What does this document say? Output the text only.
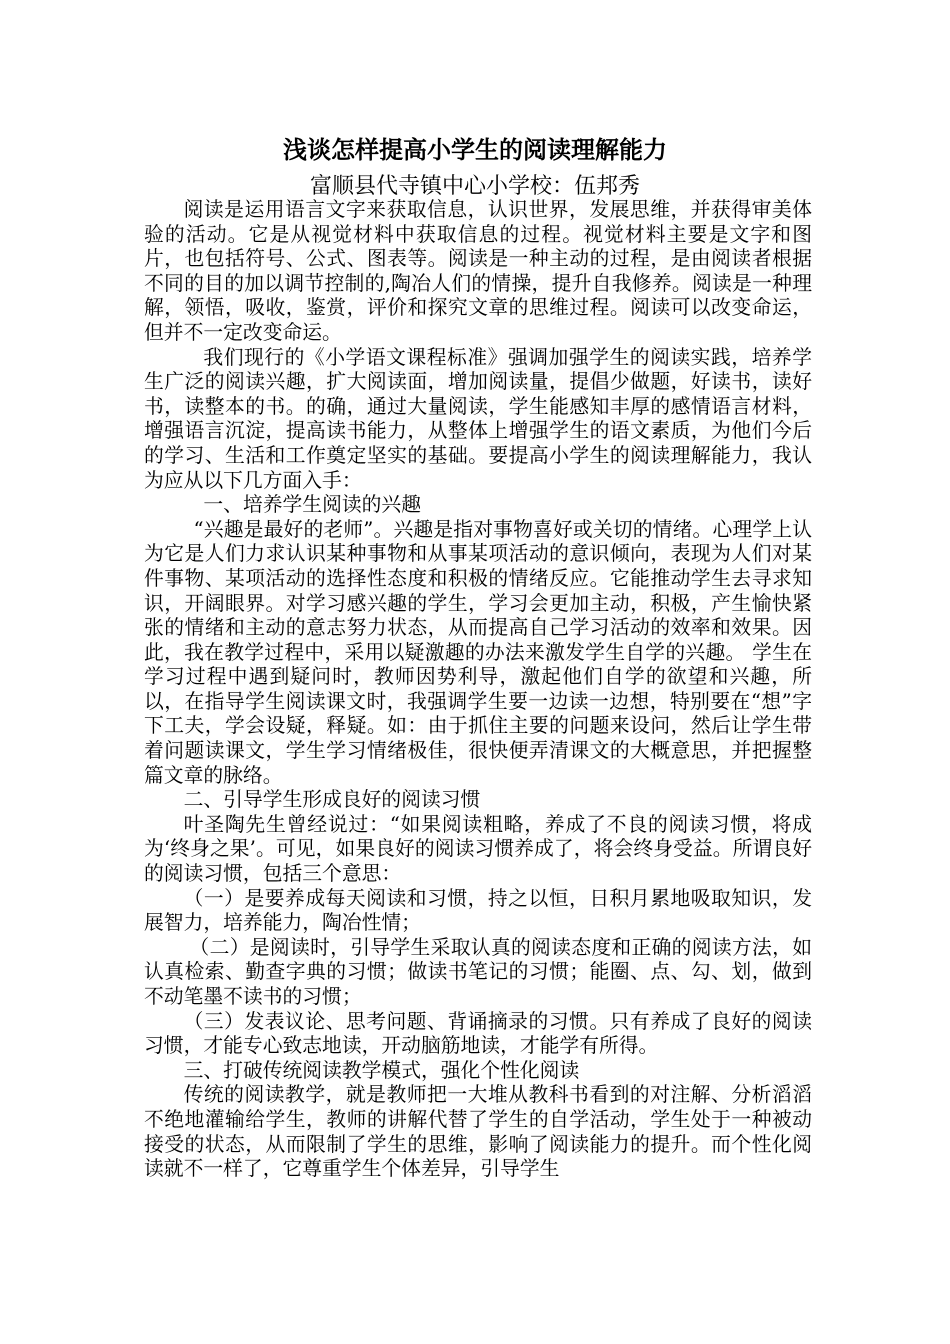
浅谈怎样提高小学生的阅读理解能力
富顺县代寺镇中心小学校：伍邦秀

阅读是运用语言文字来获取信息，认识世界，发展思维，并获得审美体验的活动。它是从视觉材料中获取信息的过程。视觉材料主要是文字和图片，也包括符号、公式、图表等。阅读是一种主动的过程，是由阅读者根据不同的目的加以调节控制的,陶冶人们的情操，提升自我修养。阅读是一种理解，领悟，吸收，鉴赏，评价和探究文章的思维过程。阅读可以改变命运，但并不一定改变命运。

我们现行的《小学语文课程标准》强调加强学生的阅读实践，培养学生广泛的阅读兴趣，扩大阅读面，增加阅读量，提倡少做题，好读书，读好书，读整本的书。的确，通过大量阅读，学生能感知丰厚的感情语言材料，增强语言沉淀，提高读书能力，从整体上增强学生的语文素质，为他们今后的学习、生活和工作奠定坚实的基础。要提高小学生的阅读理解能力，我认为应从以下几方面入手：

一、培养学生阅读的兴趣

“兴趣是最好的老师”。兴趣是指对事物喜好或关切的情绪。心理学上认为它是人们力求认识某种事物和从事某项活动的意识倾向，表现为人们对某件事物、某项活动的选择性态度和积极的情绪反应。它能推动学生去寻求知识，开阔眼界。对学习感兴趣的学生，学习会更加主动，积极，产生愉快紧张的情绪和主动的意志努力状态，从而提高自己学习活动的效率和效果。因此，我在教学过程中，采用以疑激趣的办法来激发学生自学的兴趣。 学生在学习过程中遇到疑问时，教师因势利导，激起他们自学的欲望和兴趣，所以，在指导学生阅读课文时，我强调学生要一边读一边想，特别要在“想”字下工夫，学会设疑，释疑。如：由于抓住主要的问题来设问，然后让学生带着问题读课文，学生学习情绪极佳，很快便弄清课文的大概意思，并把握整篇文章的脉络。

二、引导学生形成良好的阅读习惯

叶圣陶先生曾经说过：“如果阅读粗略，养成了不良的阅读习惯，将成为‘终身之果’。可见，如果良好的阅读习惯养成了，将会终身受益。所谓良好的阅读习惯，包括三个意思：

（一）是要养成每天阅读和习惯，持之以恒，日积月累地吸取知识，发展智力，培养能力，陶冶性情；

（二）是阅读时，引导学生采取认真的阅读态度和正确的阅读方法，如认真检索、勤查字典的习惯；做读书笔记的习惯；能圈、点、勾、划，做到不动笔墨不读书的习惯；

（三）发表议论、思考问题、背诵摘录的习惯。只有养成了良好的阅读习惯，才能专心致志地读，开动脑筋地读，才能学有所得。

三、打破传统阅读教学模式，强化个性化阅读

传统的阅读教学，就是教师把一大堆从教科书看到的对注解、分析滔滔不绝地灌输给学生，教师的讲解代替了学生的自学活动，学生处于一种被动接受的状态，从而限制了学生的思维，影响了阅读能力的提升。而个性化阅读就不一样了，它尊重学生个体差异，引导学生
